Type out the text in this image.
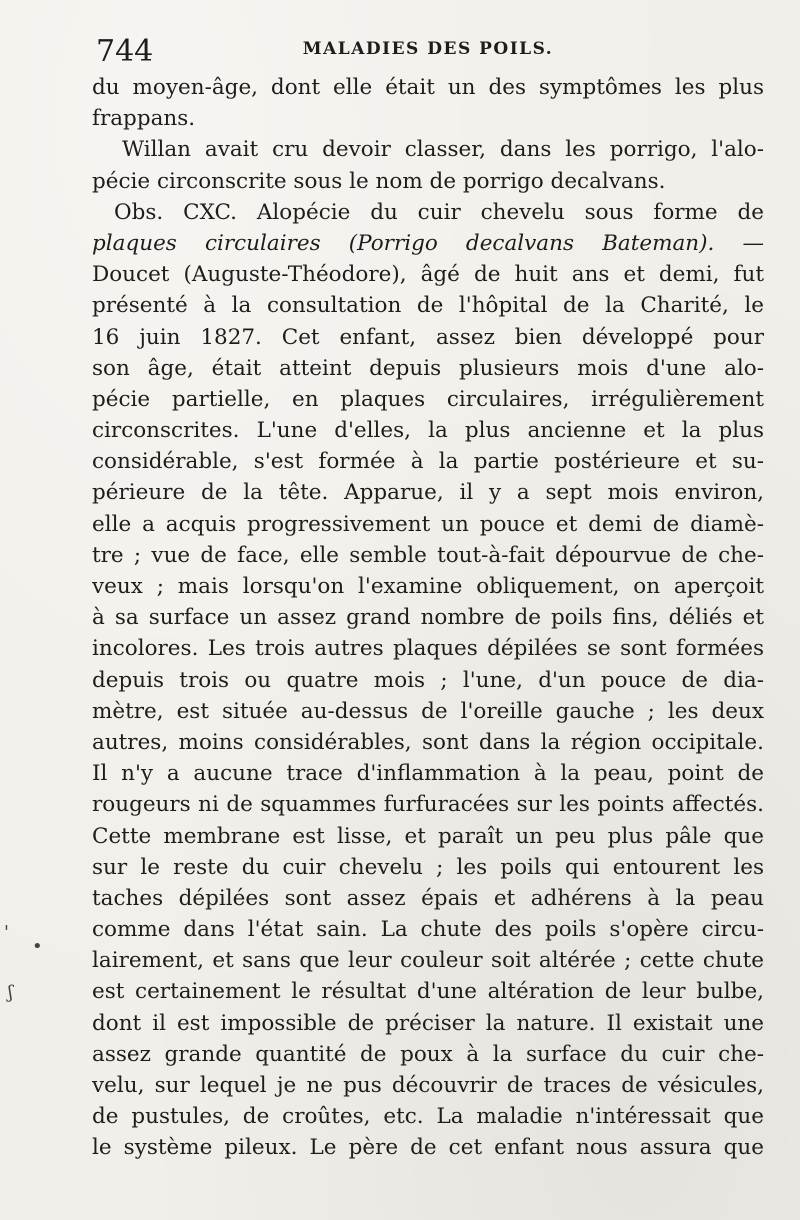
744	MALADIES DES POILS.
du moyen-âge, dont elle était un des symptômes les plus
frappans.
Willan avait cru devoir classer, dans les porrigo, l'alo-
pécie circonscrite sous le nom de porrigo decalvans.
Obs. CXC. Alopécie du cuir chevelu sous forme de
plaques circulaires (Porrigo decalvans Bateman). —
Doucet (Auguste-Théodore), âgé de huit ans et demi, fut
présenté à la consultation de l'hôpital de la Charité, le
16 juin 1827. Cet enfant, assez bien développé pour
son âge, était atteint depuis plusieurs mois d'une alo-
pécie partielle, en plaques circulaires, irrégulièrement
circonscrites. L'une d'elles, la plus ancienne et la plus
considérable, s'est formée à la partie postérieure et su-
périeure de la tête. Apparue, il y a sept mois environ,
elle a acquis progressivement un pouce et demi de diamè-
tre ; vue de face, elle semble tout-à-fait dépourvue de che-
veux ; mais lorsqu'on l'examine obliquement, on aperçoit
à sa surface un assez grand nombre de poils fins, déliés et
incolores. Les trois autres plaques dépilées se sont formées
depuis trois ou quatre mois ; l'une, d'un pouce de dia-
mètre, est située au-dessus de l'oreille gauche ; les deux
autres, moins considérables, sont dans la région occipitale.
Il n'y a aucune trace d'inflammation à la peau, point de
rougeurs ni de squammes furfuracées sur les points affectés.
Cette membrane est lisse, et paraît un peu plus pâle que
sur le reste du cuir chevelu ; les poils qui entourent les
taches dépilées sont assez épais et adhérens à la peau
comme dans l'état sain. La chute des poils s'opère circu-
lairement, et sans que leur couleur soit altérée ; cette chute
est certainement le résultat d'une altération de leur bulbe,
dont il est impossible de préciser la nature. Il existait une
assez grande quantité de poux à la surface du cuir che-
velu, sur lequel je ne pus découvrir de traces de vésicules,
de pustules, de croûtes, etc. La maladie n'intéressait que
le système pileux. Le père de cet enfant nous assura que
•
ʃ
'
